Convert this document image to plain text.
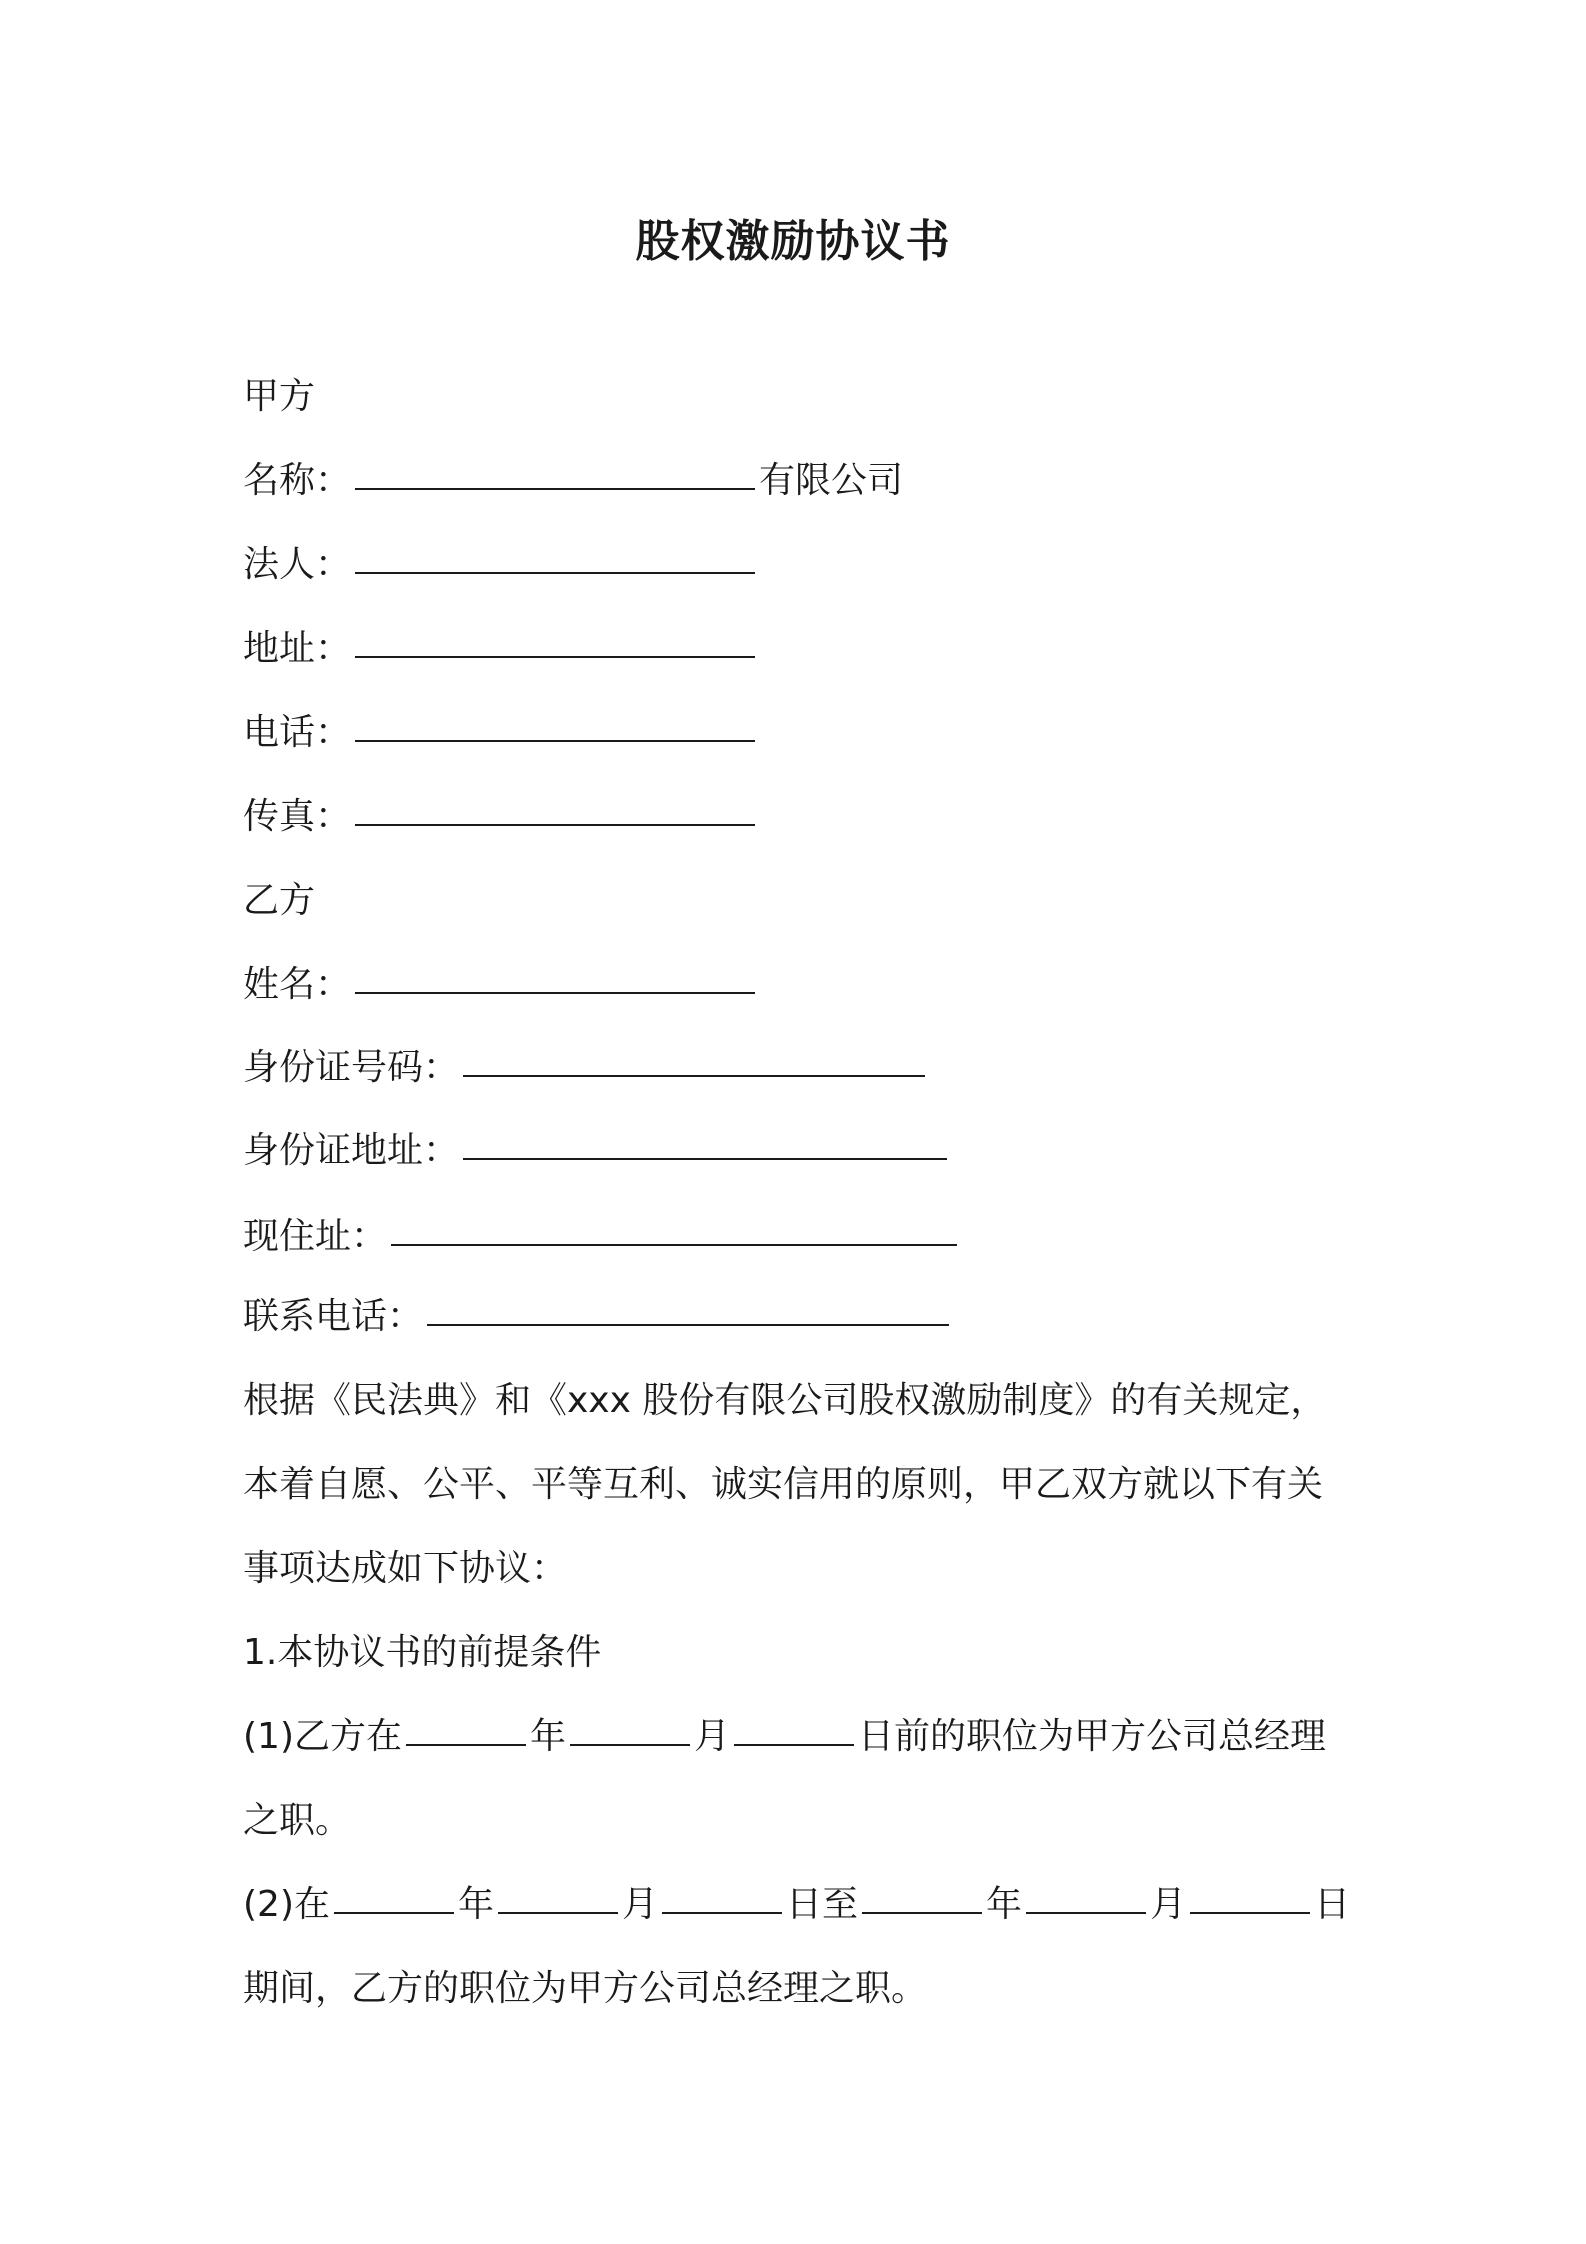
股权激励协议书
甲方
名称：	有限公司
法人：
地址：
电话：
传真：
乙方
姓名：
身份证号码：
身份证地址：
现住址：
联系电话：
根据《民法典》和《xxx 股份有限公司股权激励制度》的有关规定，
本着自愿、公平、平等互利、诚实信用的原则，甲乙双方就以下有关
事项达成如下协议：
1.本协议书的前提条件
(1)乙方在	年	月	日前的职位为甲方公司总经理
之职。
(2)在	年	月	日至	年	月	日
期间，乙方的职位为甲方公司总经理之职。
